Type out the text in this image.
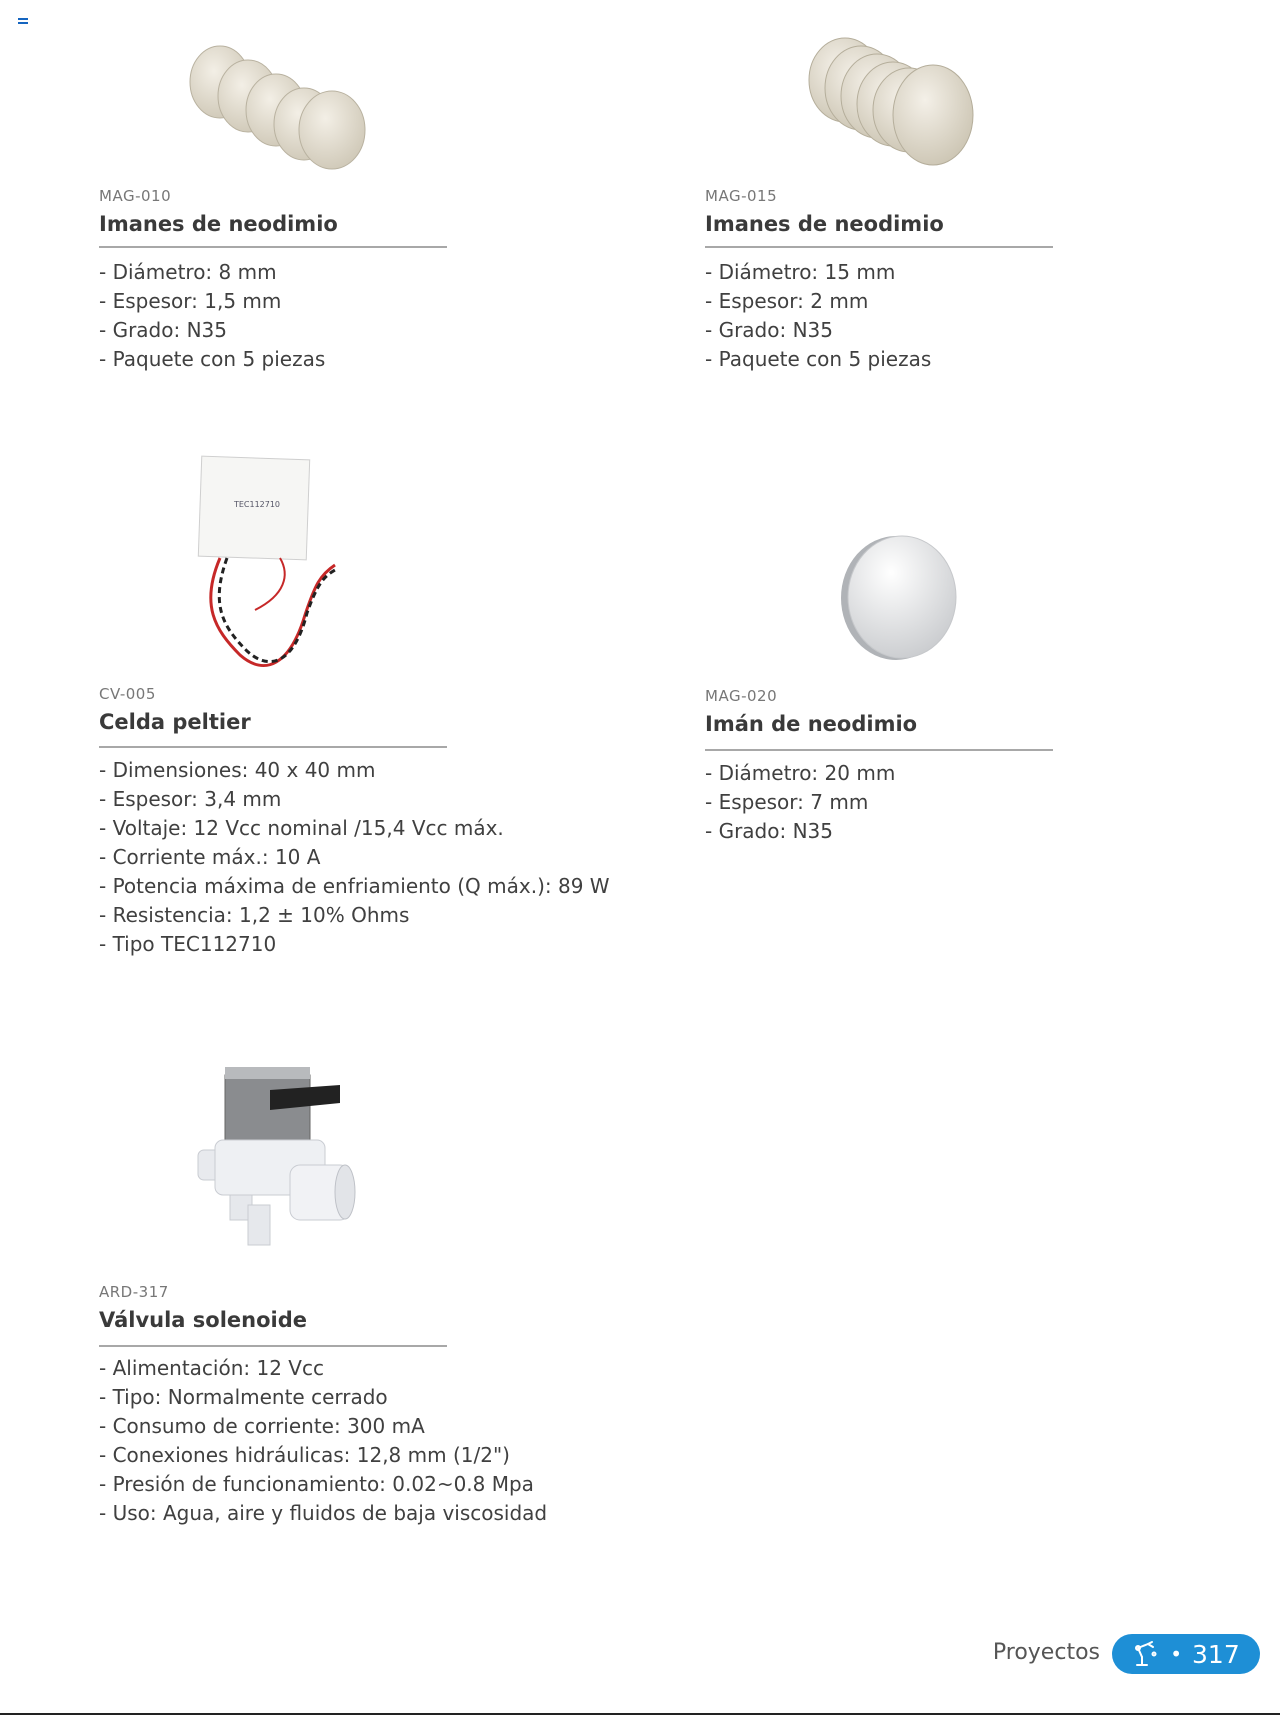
MAG-010
Imanes de neodimio
- Diámetro: 8 mm
- Espesor: 1,5 mm
- Grado: N35
- Paquete con 5 piezas
MAG-015
Imanes de neodimio
- Diámetro: 15 mm
- Espesor: 2 mm
- Grado: N35
- Paquete con 5 piezas
TEC112710
CV-005
Celda peltier
- Dimensiones: 40 x 40 mm
- Espesor: 3,4 mm
- Voltaje: 12 Vcc nominal /15,4 Vcc máx.
- Corriente máx.: 10 A
- Potencia máxima de enfriamiento (Q máx.): 89 W
- Resistencia: 1,2 ± 10% Ohms
- Tipo TEC112710
MAG-020
Imán de neodimio
- Diámetro: 20 mm
- Espesor: 7 mm
- Grado: N35
ARD-317
Válvula solenoide
- Alimentación: 12 Vcc
- Tipo: Normalmente cerrado
- Consumo de corriente: 300 mA
- Conexiones hidráulicas: 12,8 mm (1/2")
- Presión de funcionamiento: 0.02~0.8 Mpa
- Uso: Agua, aire y fluidos de baja viscosidad
Proyectos	• 317
